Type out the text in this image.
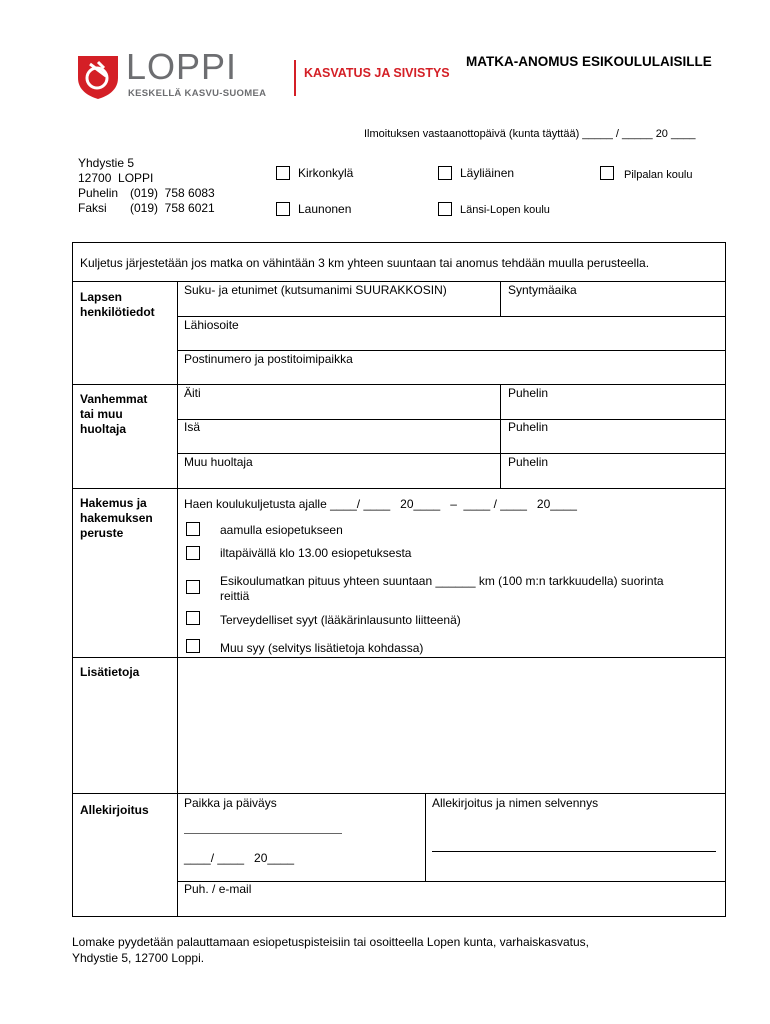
LOPPI
KESKELLÄ KASVU-SUOMEA
KASVATUS JA SIVISTYS
MATKA-ANOMUS ESIKOULULAISILLE
Ilmoituksen vastaanottopäivä (kunta täyttää) _____ / _____ 20 ____
Yhdystie 5
12700  LOPPI
Puhelin (019)  758 6083
Faksi (019)  758 6021
Kirkonkylä	Läyliäinen	Pilpalan koulu
Launonen	Länsi-Lopen koulu
Kuljetus järjestetään jos matka on vähintään 3 km yhteen suuntaan tai anomus tehdään muulla perusteella.
Lapsen
henkilötiedot
Suku- ja etunimet (kutsumanimi SUURAKKOSIN)	Syntymäaika
Lähiosoite
Postinumero ja postitoimipaikka
Vanhemmat
tai muu
huoltaja
Äiti	Puhelin
Isä	Puhelin
Muu huoltaja	Puhelin
Hakemus ja
hakemuksen
peruste
Haen koulukuljetusta ajalle ____/ ____   20____   –  ____ / ____   20____
aamulla esiopetukseen
iltapäivällä klo 13.00 esiopetuksesta
Esikoulumatkan pituus yhteen suuntaan ______ km (100 m:n tarkkuudella) suorinta
reittiä
Terveydelliset syyt (lääkärinlausunto liitteenä)
Muu syy (selvitys lisätietoja kohdassa)
Lisätietoja
Allekirjoitus	Paikka ja päiväys
____/ ____   20____
Allekirjoitus ja nimen selvennys
Puh. / e-mail
Lomake pyydetään palauttamaan esiopetuspisteisiin tai osoitteella Lopen kunta, varhaiskasvatus,
Yhdystie 5, 12700 Loppi.
